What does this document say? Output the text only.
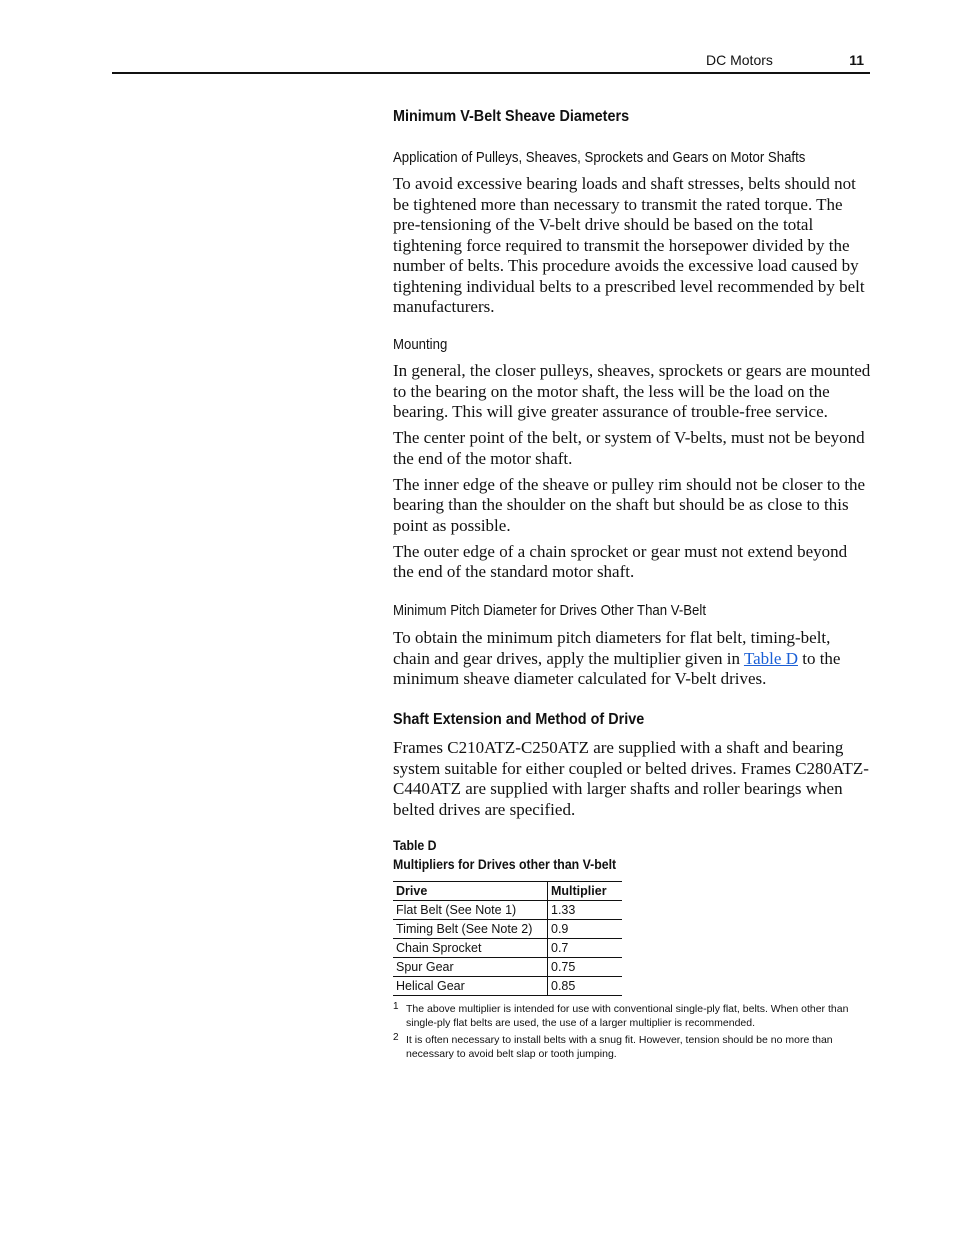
DC Motors	11
Minimum V-Belt Sheave Diameters
Application of Pulleys, Sheaves, Sprockets and Gears on Motor Shafts

To avoid excessive bearing loads and shaft stresses, belts should not be tightened more than necessary to transmit the rated torque. The pre-tensioning of the V-belt drive should be based on the total tightening force required to transmit the horsepower divided by the number of belts. This procedure avoids the excessive load caused by tightening individual belts to a prescribed level recommended by belt manufacturers.

Mounting

In general, the closer pulleys, sheaves, sprockets or gears are mounted to the bearing on the motor shaft, the less will be the load on the bearing. This will give greater assurance of trouble-free service.

The center point of the belt, or system of V-belts, must not be beyond the end of the motor shaft.

The inner edge of the sheave or pulley rim should not be closer to the bearing than the shoulder on the shaft but should be as close to this point as possible.

The outer edge of a chain sprocket or gear must not extend beyond the end of the standard motor shaft.

Minimum Pitch Diameter for Drives Other Than V-Belt

To obtain the minimum pitch diameters for flat belt, timing-belt, chain and gear drives, apply the multiplier given in Table D to the minimum sheave diameter calculated for V-belt drives.

Shaft Extension and Method of Drive

Frames C210ATZ-C250ATZ are supplied with a shaft and bearing system suitable for either coupled or belted drives. Frames C280ATZ-C440ATZ are supplied with larger shafts and roller bearings when belted drives are specified.

Table D
Multipliers for Drives other than V-belt
Drive	Multiplier
Flat Belt (See Note 1)	1.33
Timing Belt (See Note 2)	0.9
Chain Sprocket	0.7
Spur Gear	0.75
Helical Gear	0.85
1 The above multiplier is intended for use with conventional single-ply flat, belts. When other than single-ply flat belts are used, the use of a larger multiplier is recommended.
2 It is often necessary to install belts with a snug fit. However, tension should be no more than necessary to avoid belt slap or tooth jumping.
